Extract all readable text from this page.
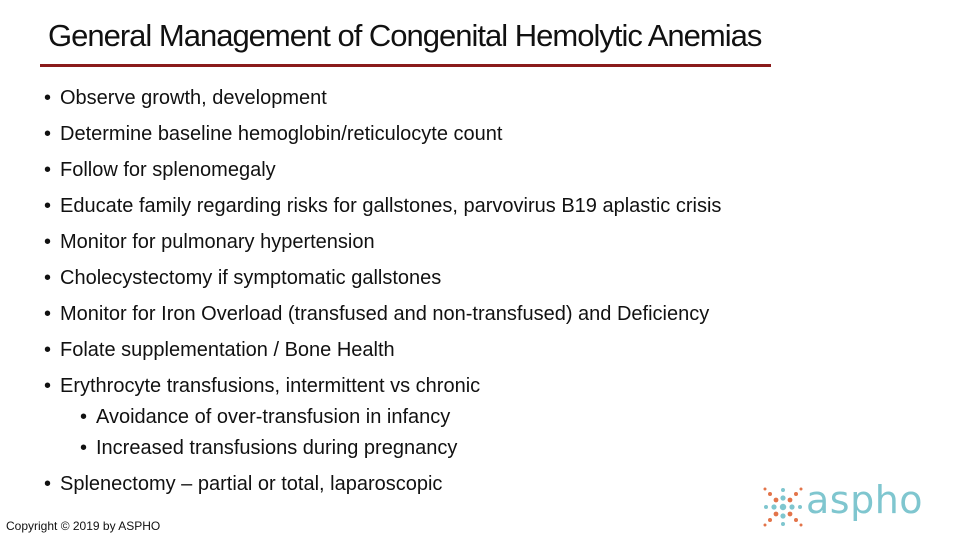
General Management of Congenital Hemolytic Anemias
• Observe growth, development
• Determine baseline hemoglobin/reticulocyte count
• Follow for splenomegaly
• Educate family regarding risks for gallstones, parvovirus B19 aplastic crisis
• Monitor for pulmonary hypertension
• Cholecystectomy if symptomatic gallstones
• Monitor for Iron Overload (transfused and non-transfused) and Deficiency
• Folate supplementation / Bone Health
• Erythrocyte transfusions, intermittent vs chronic
• Avoidance of over-transfusion in infancy
• Increased transfusions during pregnancy
• Splenectomy – partial or total, laparoscopic
Copyright © 2019 by ASPHO
aspho
